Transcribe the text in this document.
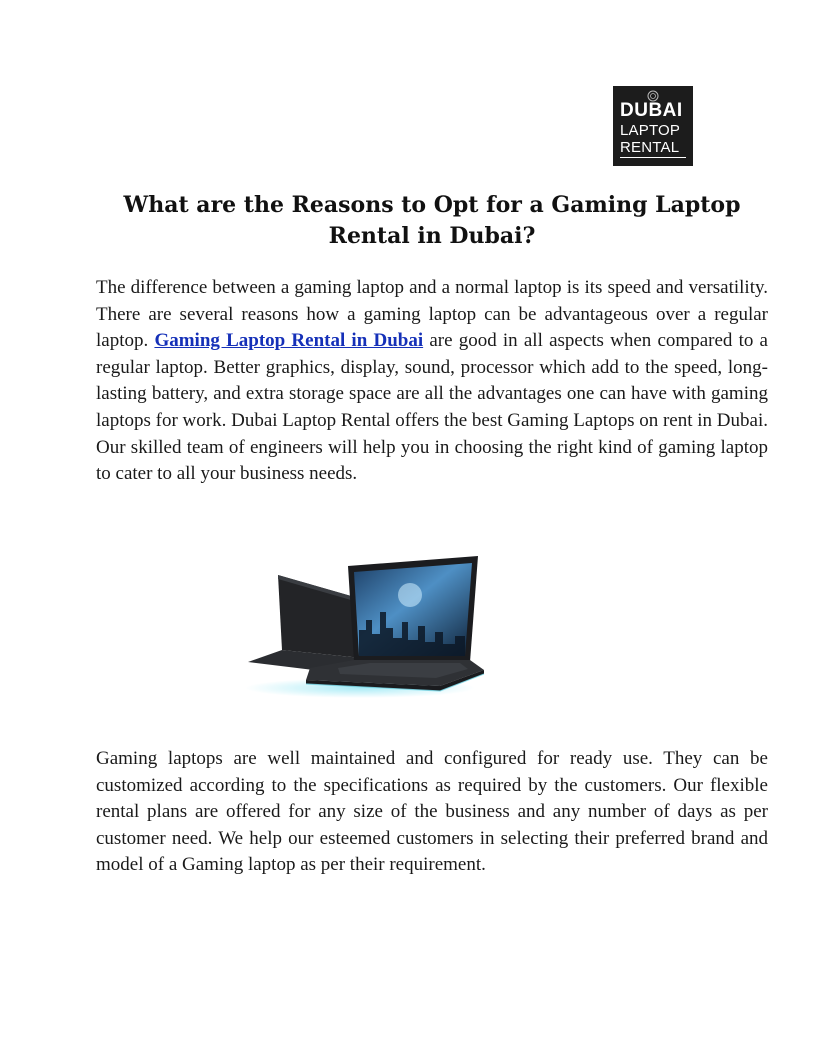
DUBAI
LAPTOP
RENTAL
What are the Reasons to Opt for a Gaming Laptop Rental in Dubai?

The difference between a gaming laptop and a normal laptop is its speed and versatility. There are several reasons how a gaming laptop can be advantageous over a regular laptop. Gaming Laptop Rental in Dubai are good in all aspects when compared to a regular laptop. Better graphics, display, sound, processor which add to the speed, long-lasting battery, and extra storage space are all the advantages one can have with gaming laptops for work. Dubai Laptop Rental offers the best Gaming Laptops on rent in Dubai. Our skilled team of engineers will help you in choosing the right kind of gaming laptop to cater to all your business needs.

Gaming laptops are well maintained and configured for ready use. They can be customized according to the specifications as required by the customers. Our flexible rental plans are offered for any size of the business and any number of days as per customer need. We help our esteemed customers in selecting their preferred brand and model of a Gaming laptop as per their requirement.
